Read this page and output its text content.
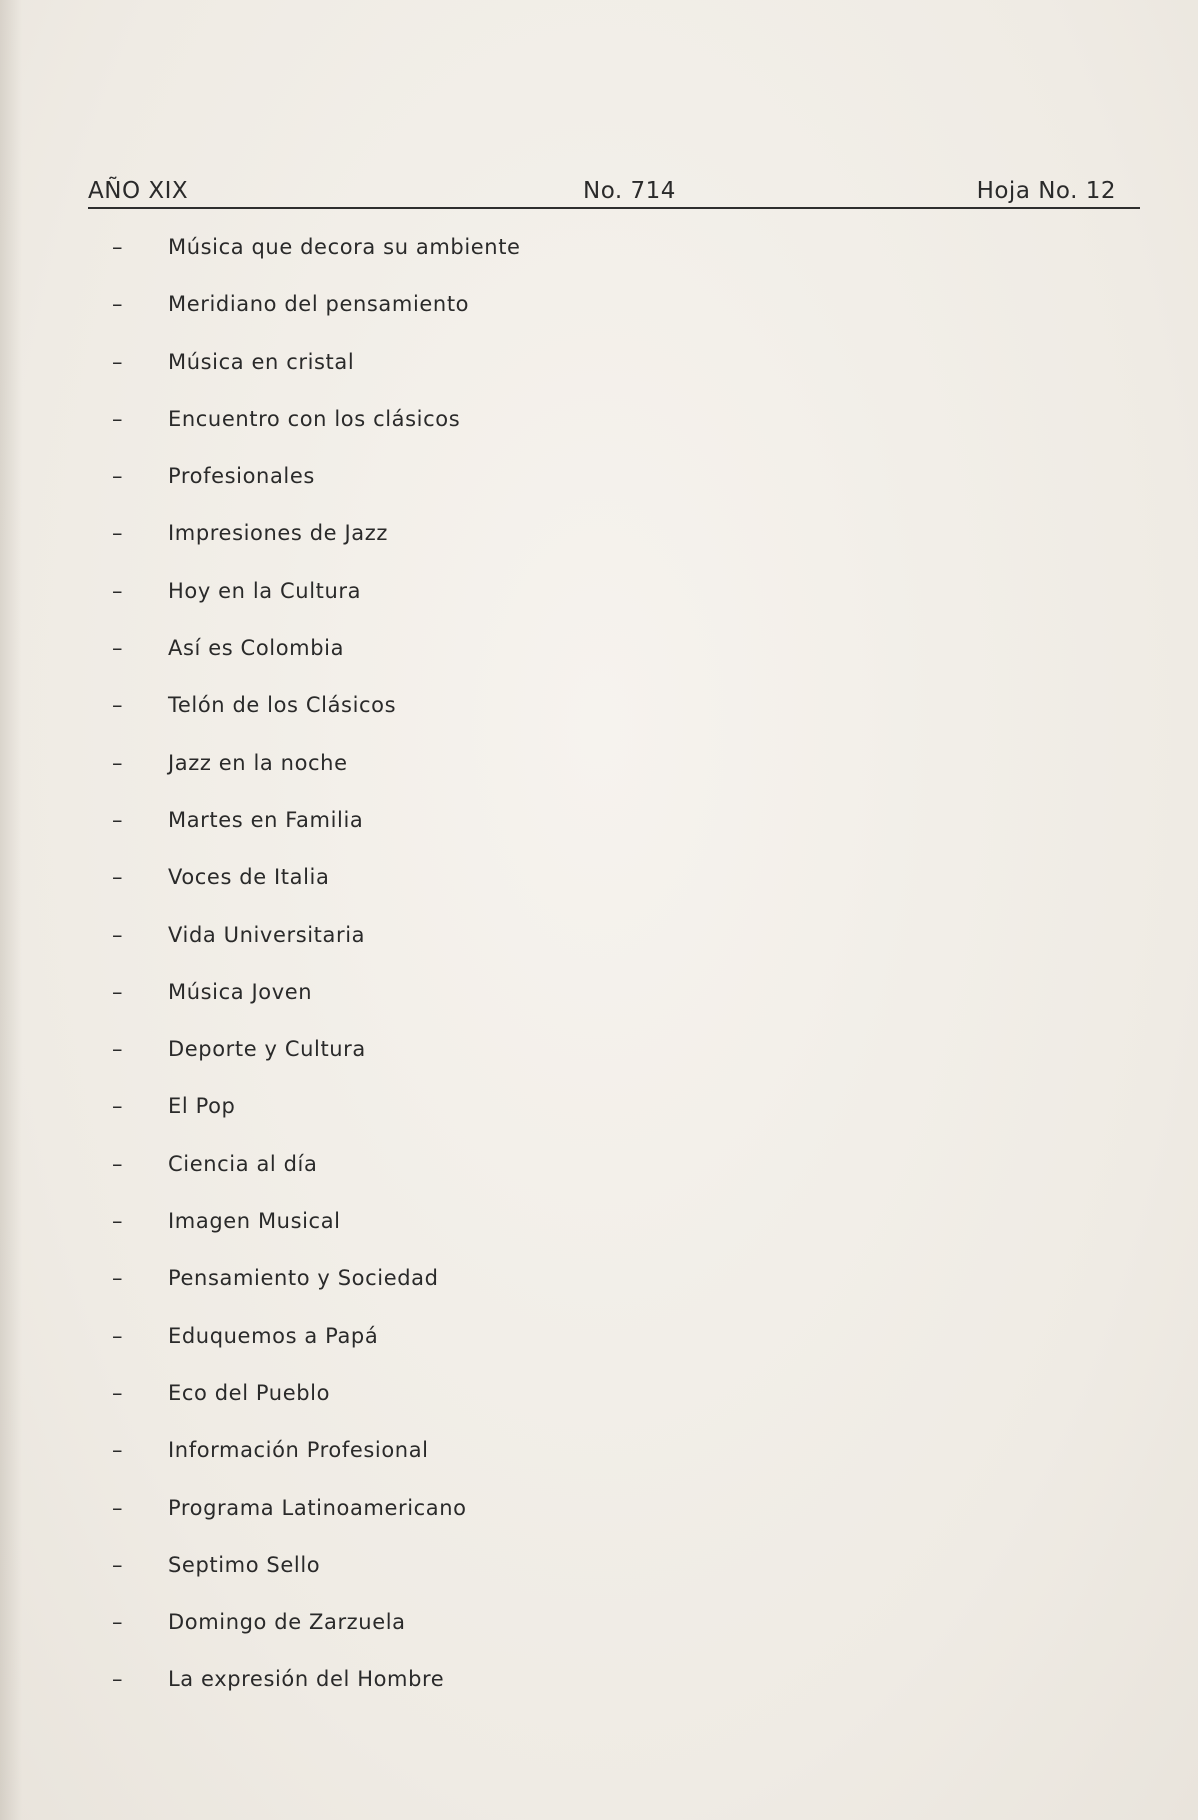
AÑO XIX	No. 714	Hoja No. 12
–	Música que decora su ambiente
–	Meridiano del pensamiento
–	Música en cristal
–	Encuentro con los clásicos
–	Profesionales
–	Impresiones de Jazz
–	Hoy en la Cultura
–	Así es Colombia
–	Telón de los Clásicos
–	Jazz en la noche
–	Martes en Familia
–	Voces de Italia
–	Vida Universitaria
–	Música Joven
–	Deporte y Cultura
–	El Pop
–	Ciencia al día
–	Imagen Musical
–	Pensamiento y Sociedad
–	Eduquemos a Papá
–	Eco del Pueblo
–	Información Profesional
–	Programa Latinoamericano
–	Septimo Sello
–	Domingo de Zarzuela
–	La expresión del Hombre
